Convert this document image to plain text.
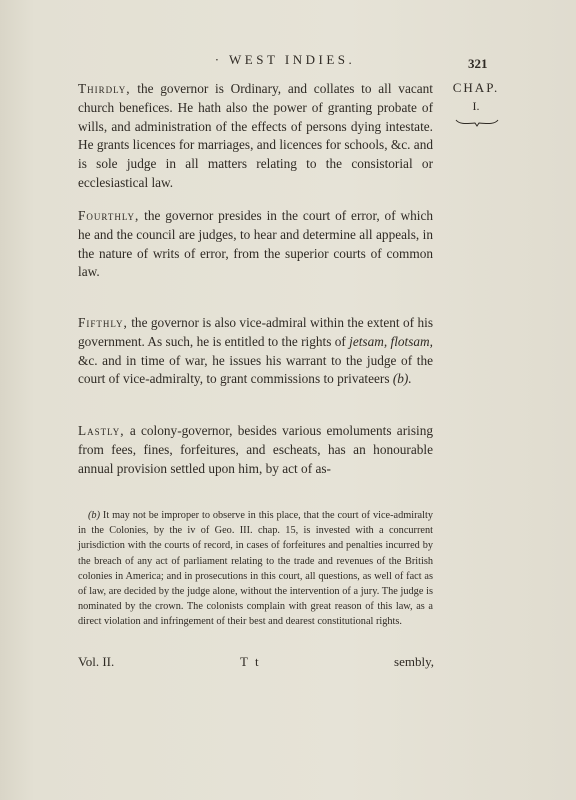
· WEST INDIES.	321
CHAP.
I.
Thirdly, the governor is Ordinary, and collates to all vacant church benefices. He hath also the power of granting probate of wills, and administration of the effects of persons dying intestate. He grants licences for marriages, and licences for schools, &c. and is sole judge in all matters relating to the consistorial or ecclesiastical law.
Fourthly, the governor presides in the court of error, of which he and the council are judges, to hear and determine all appeals, in the nature of writs of error, from the superior courts of common law.
Fifthly, the governor is also vice-admiral within the extent of his government. As such, he is entitled to the rights of jetsam, flotsam, &c. and in time of war, he issues his warrant to the judge of the court of vice-admiralty, to grant commissions to privateers (b).
Lastly, a colony-governor, besides various emoluments arising from fees, fines, forfeitures, and escheats, has an honourable annual provision settled upon him, by act of as-
(b) It may not be improper to observe in this place, that the court of vice-admiralty in the Colonies, by the iv of Geo. III. chap. 15, is invested with a concurrent jurisdiction with the courts of record, in cases of forfeitures and penalties incurred by the breach of any act of parliament relating to the trade and revenues of the British colonies in America; and in prosecutions in this court, all questions, as well of fact as of law, are decided by the judge alone, without the intervention of a jury. The judge is nominated by the crown. The colonists complain with great reason of this law, as a direct violation and infringement of their best and dearest constitutional rights.
Vol. II.	T t	sembly,
